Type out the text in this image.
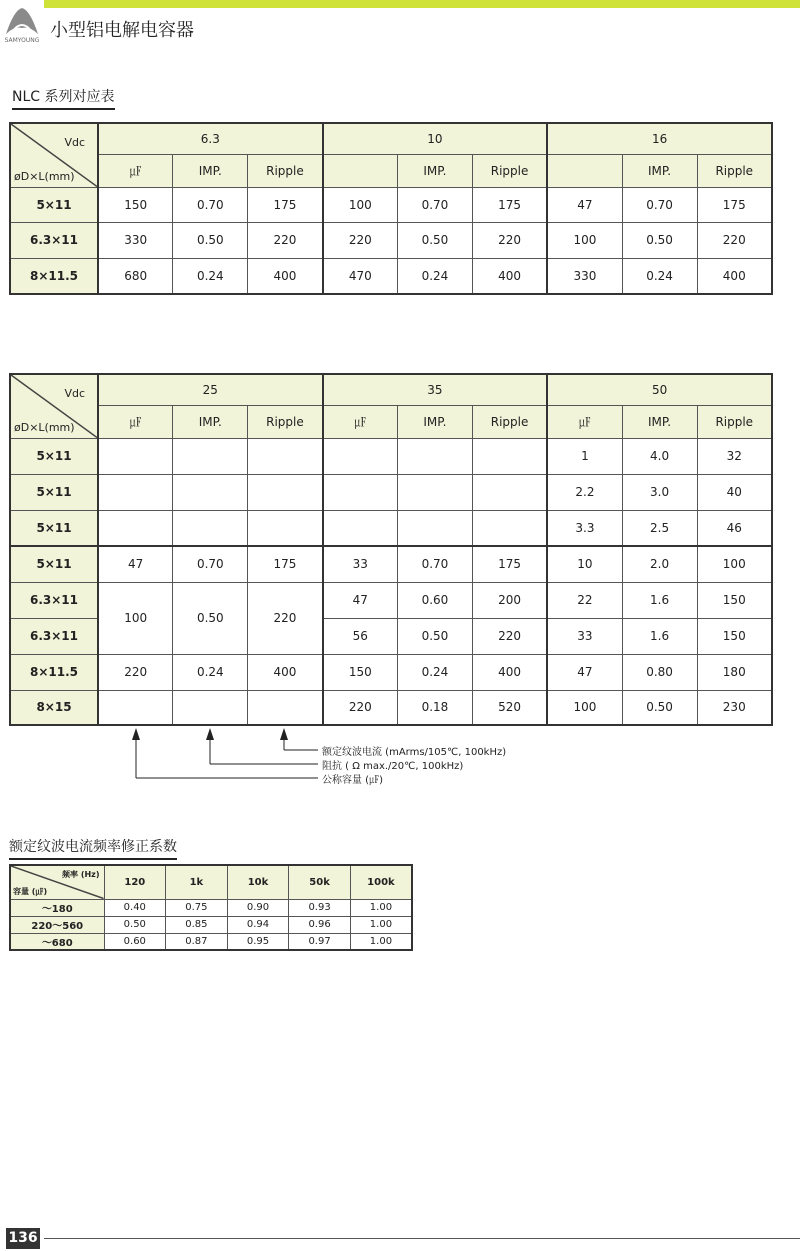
SAMYOUNG 小型铝电解电容器
NLC 系列对应表
Vdc
øD×L(mm)	6.3			10			16		
	㎌	IMP.	Ripple		IMP.	Ripple		IMP.	Ripple
5×11	150	0.70	175	100	0.70	175	47	0.70	175
6.3×11	330	0.50	220	220	0.50	220	100	0.50	220
8×11.5	680	0.24	400	470	0.24	400	330	0.24	400
Vdc
øD×L(mm)	25			35			50		
	㎌	IMP.	Ripple	㎌	IMP.	Ripple	㎌	IMP.	Ripple
5×11							1	4.0	32
5×11							2.2	3.0	40
5×11							3.3	2.5	46
5×11	47	0.70	175	33	0.70	175	10	2.0	100
6.3×11	100	0.50	220	47	0.60	200	22	1.6	150
6.3×11				56	0.50	220	33	1.6	150
8×11.5	220	0.24	400	150	0.24	400	47	0.80	180
8×15				220	0.18	520	100	0.50	230
额定纹波电流 (mArms/105℃, 100kHz)
阻抗 ( Ω max./20℃, 100kHz)
公称容量 (㎌)
额定纹波电流频率修正系数
频率 (Hz)
容量 (㎌)	120	1k	10k	50k	100k
～180	0.40	0.75	0.90	0.93	1.00
220～560	0.50	0.85	0.94	0.96	1.00
～680	0.60	0.87	0.95	0.97	1.00
136
